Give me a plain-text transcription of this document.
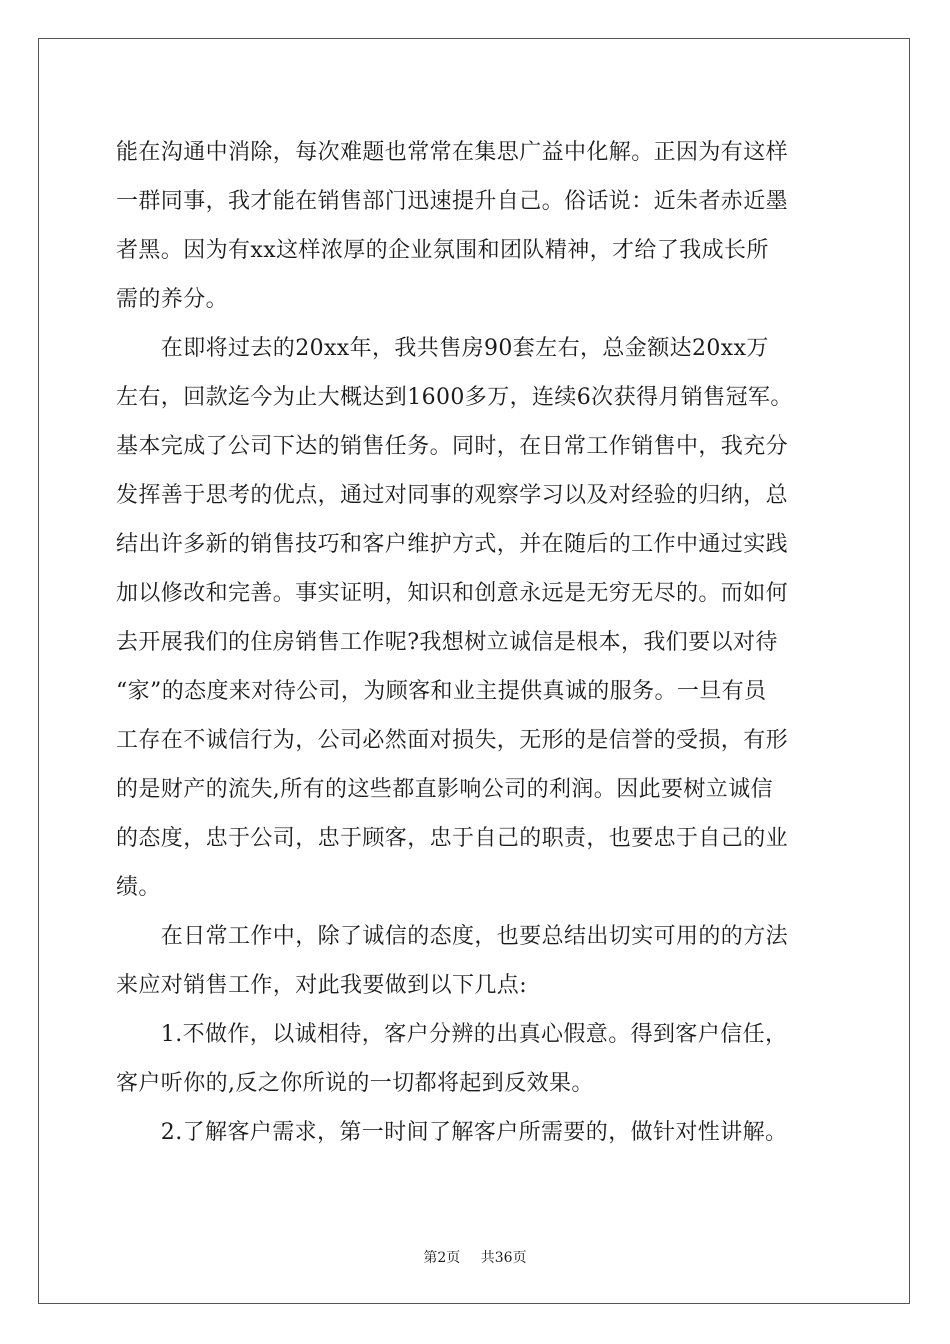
能在沟通中消除，每次难题也常常在集思广益中化解。正因为有这样
一群同事，我才能在销售部门迅速提升自己。俗话说：近朱者赤近墨
者黑。因为有xx这样浓厚的企业氛围和团队精神，才给了我成长所
需的养分。
　　在即将过去的20xx年，我共售房90套左右，总金额达20xx万
左右，回款迄今为止大概达到1600多万，连续6次获得月销售冠军。
基本完成了公司下达的销售任务。同时，在日常工作销售中，我充分
发挥善于思考的优点，通过对同事的观察学习以及对经验的归纳，总
结出许多新的销售技巧和客户维护方式，并在随后的工作中通过实践
加以修改和完善。事实证明，知识和创意永远是无穷无尽的。而如何
去开展我们的住房销售工作呢?我想树立诚信是根本，我们要以对待
“家”的态度来对待公司，为顾客和业主提供真诚的服务。一旦有员
工存在不诚信行为，公司必然面对损失，无形的是信誉的受损，有形
的是财产的流失,所有的这些都直影响公司的利润。因此要树立诚信
的态度，忠于公司，忠于顾客，忠于自己的职责，也要忠于自己的业
绩。
　　在日常工作中，除了诚信的态度，也要总结出切实可用的的方法
来应对销售工作，对此我要做到以下几点:
　　1.不做作，以诚相待，客户分辨的出真心假意。得到客户信任，
客户听你的,反之你所说的一切都将起到反效果。
　　2.了解客户需求，第一时间了解客户所需要的，做针对性讲解。
第2页 共36页
